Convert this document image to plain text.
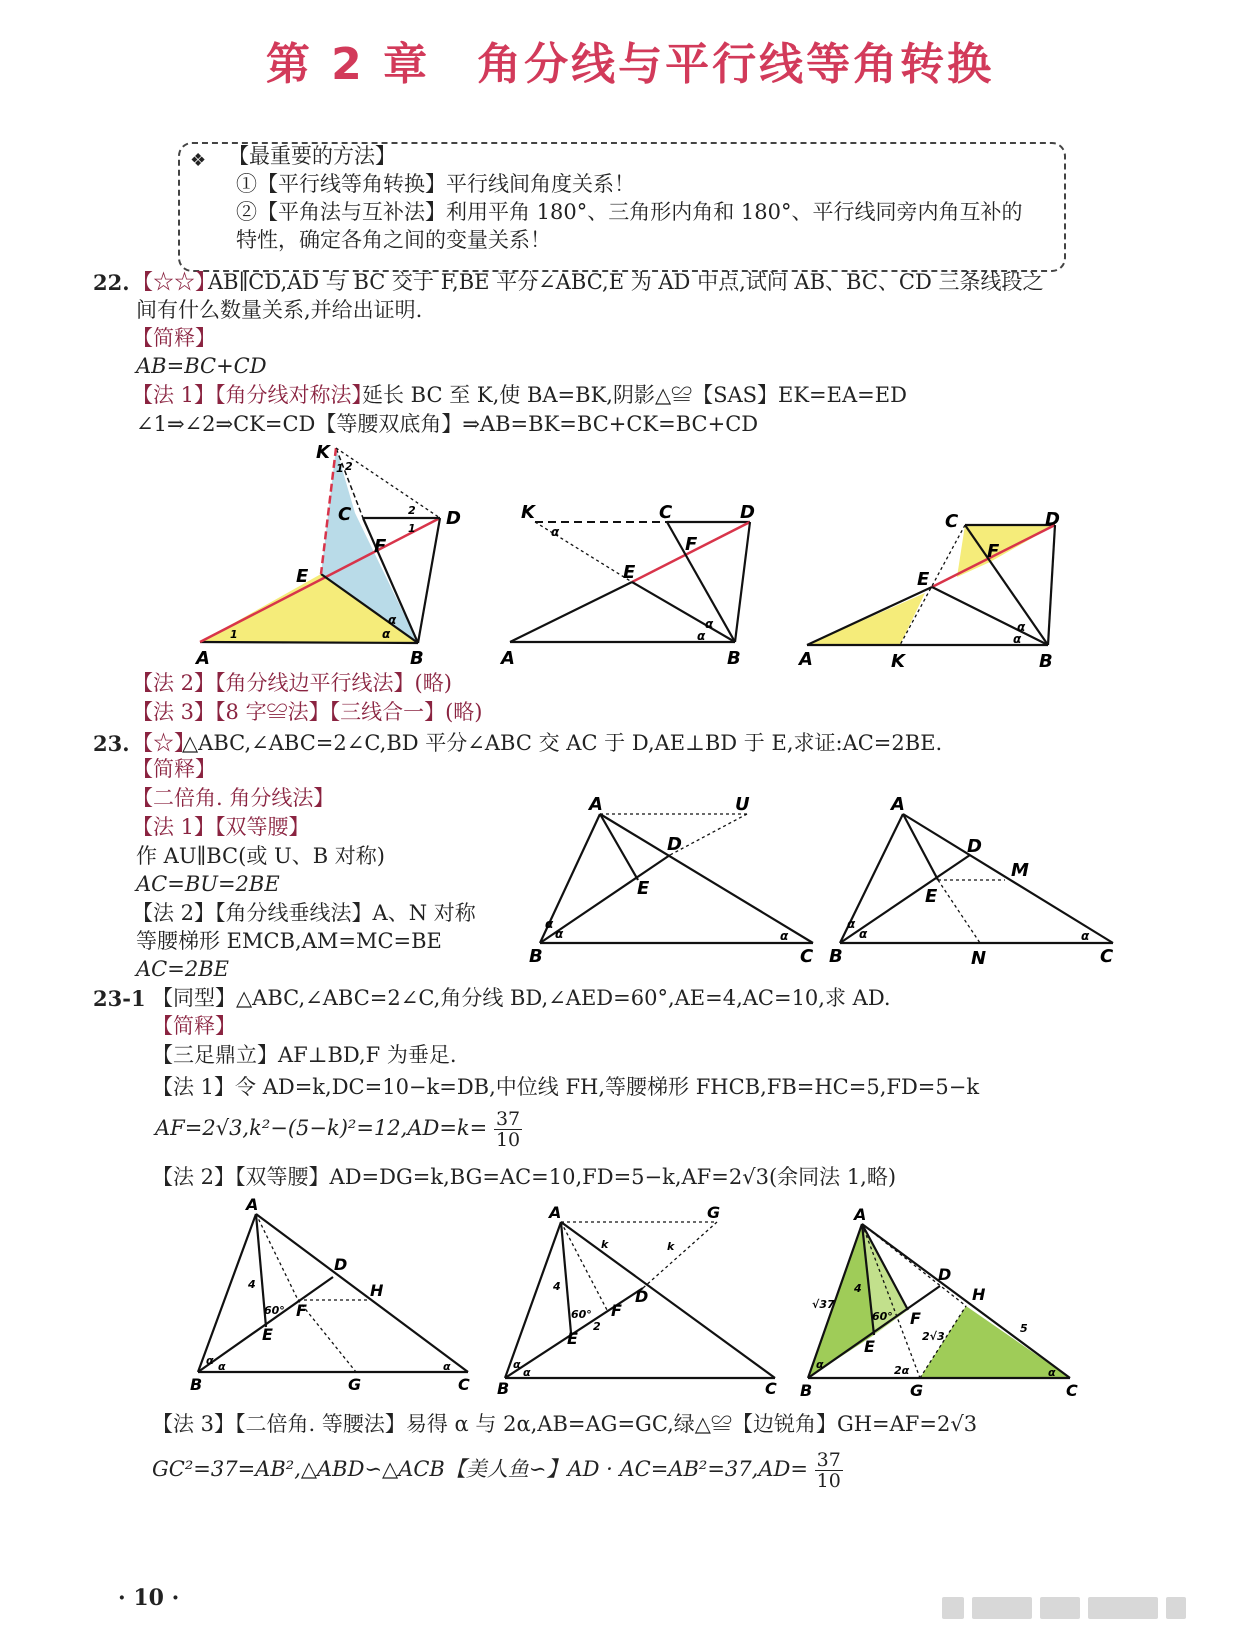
第 2 章　角分线与平行线等角转换
❖ 【最重要的方法】
①【平行线等角转换】平行线间角度关系！
②【平角法与互补法】利用平角 180°、三角形内角和 180°、平行线同旁内角互补的
特性，确定各角之间的变量关系！
22. 【☆☆】
AB∥CD,AD 与 BC 交于 F,BE 平分∠ABC,E 为 AD 中点,试问 AB、BC、CD 三条线段之
间有什么数量关系,并给出证明.
【简释】
AB=BC+CD
【法 1】【角分线对称法】
延长 BC 至 K,使 BA=BK,阴影△≌【SAS】EK=EA=ED
∠1⇒∠2⇒CK=CD【等腰双底角】⇒AB=BK=BC+CK=BC+CD
K
C	D
F
E
A	B
1 2
2
1
1	α
α
K	C	D
F
E
A	B
α
α
α
C	D
F
E
A	K	B
α
α
【法 2】【角分线边平行线法】(略)
【法 3】【8 字≌法】【三线合一】(略)
23. 【☆】
△ABC,∠ABC=2∠C,BD 平分∠ABC 交 AC 于 D,AE⊥BD 于 E,求证:AC=2BE.
【简释】
【二倍角. 角分线法】
【法 1】【双等腰】
作 AU∥BC(或 U、B 对称)
AC=BU=2BE
【法 2】【角分线垂线法】A、N 对称
等腰梯形 EMCB,AM=MC=BE
AC=2BE
A	U
D
E
B	C
α
α	α
A
D
M
E
B	N	C
α
α	α
23-1 【同型】△ABC,∠ABC=2∠C,角分线 BD,∠AED=60°,AE=4,AC=10,求 AD.
【简释】
【三足鼎立】AF⊥BD,F 为垂足.
【法 1】令 AD=k,DC=10−k=DB,中位线 FH,等腰梯形 FHCB,FB=HC=5,FD=5−k
$AF=2√3,k^2-(5-k)^2=12,AD=k= \frac{37}{10}$
【法 2】【双等腰】AD=DG=k,BG=AC=10,FD=5−k,AF=2√3(余同法 1,略)
A
D
H
F
E
B	G	C
4
60°
α α	α
A	G
D
F
E
B	C
k	k
4
60°
2
α
α
A
D
H
F
E
B	G	C
√37
4
60°
2√3
5
2α
α
α
【法 3】【二倍角. 等腰法】易得 α 与 2α,AB=AG=GC,绿△≌【边锐角】GH=AF=2√3
GC²=37=AB²,△ABD∽△ACB【美人鱼∽】AD · $AC=AB^2=37,AD= \frac{37}{10}$
· 10 ·
